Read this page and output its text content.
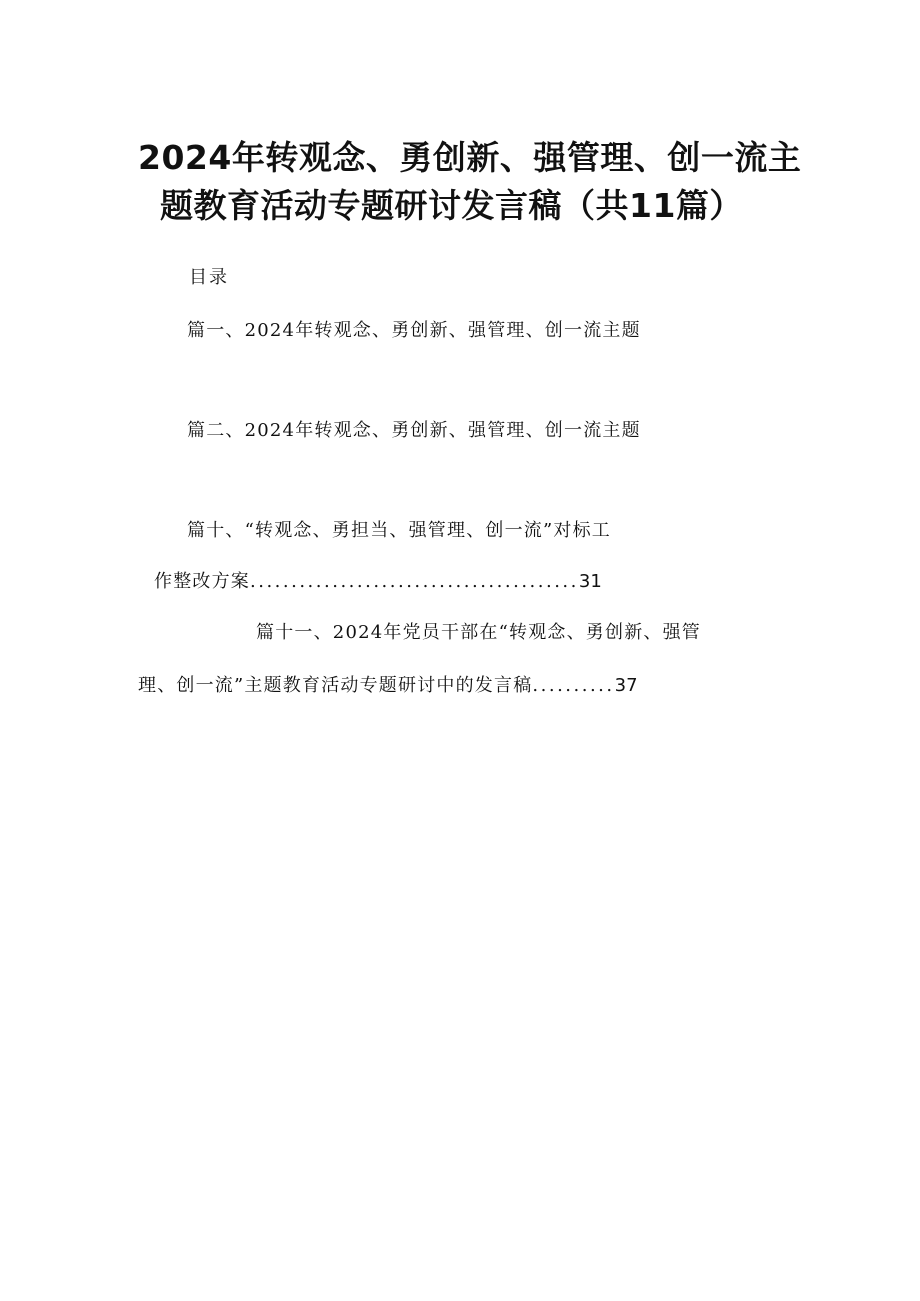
2024年转观念、勇创新、强管理、创一流主
题教育活动专题研讨发言稿（共11篇）
目录
篇一、2024年转观念、勇创新、强管理、创一流主题
篇二、2024年转观念、勇创新、强管理、创一流主题
篇十、“转观念、勇担当、强管理、创一流”对标工
作整改方案........................................31
篇十一、2024年党员干部在“转观念、勇创新、强管
理、创一流”主题教育活动专题研讨中的发言稿..........37
